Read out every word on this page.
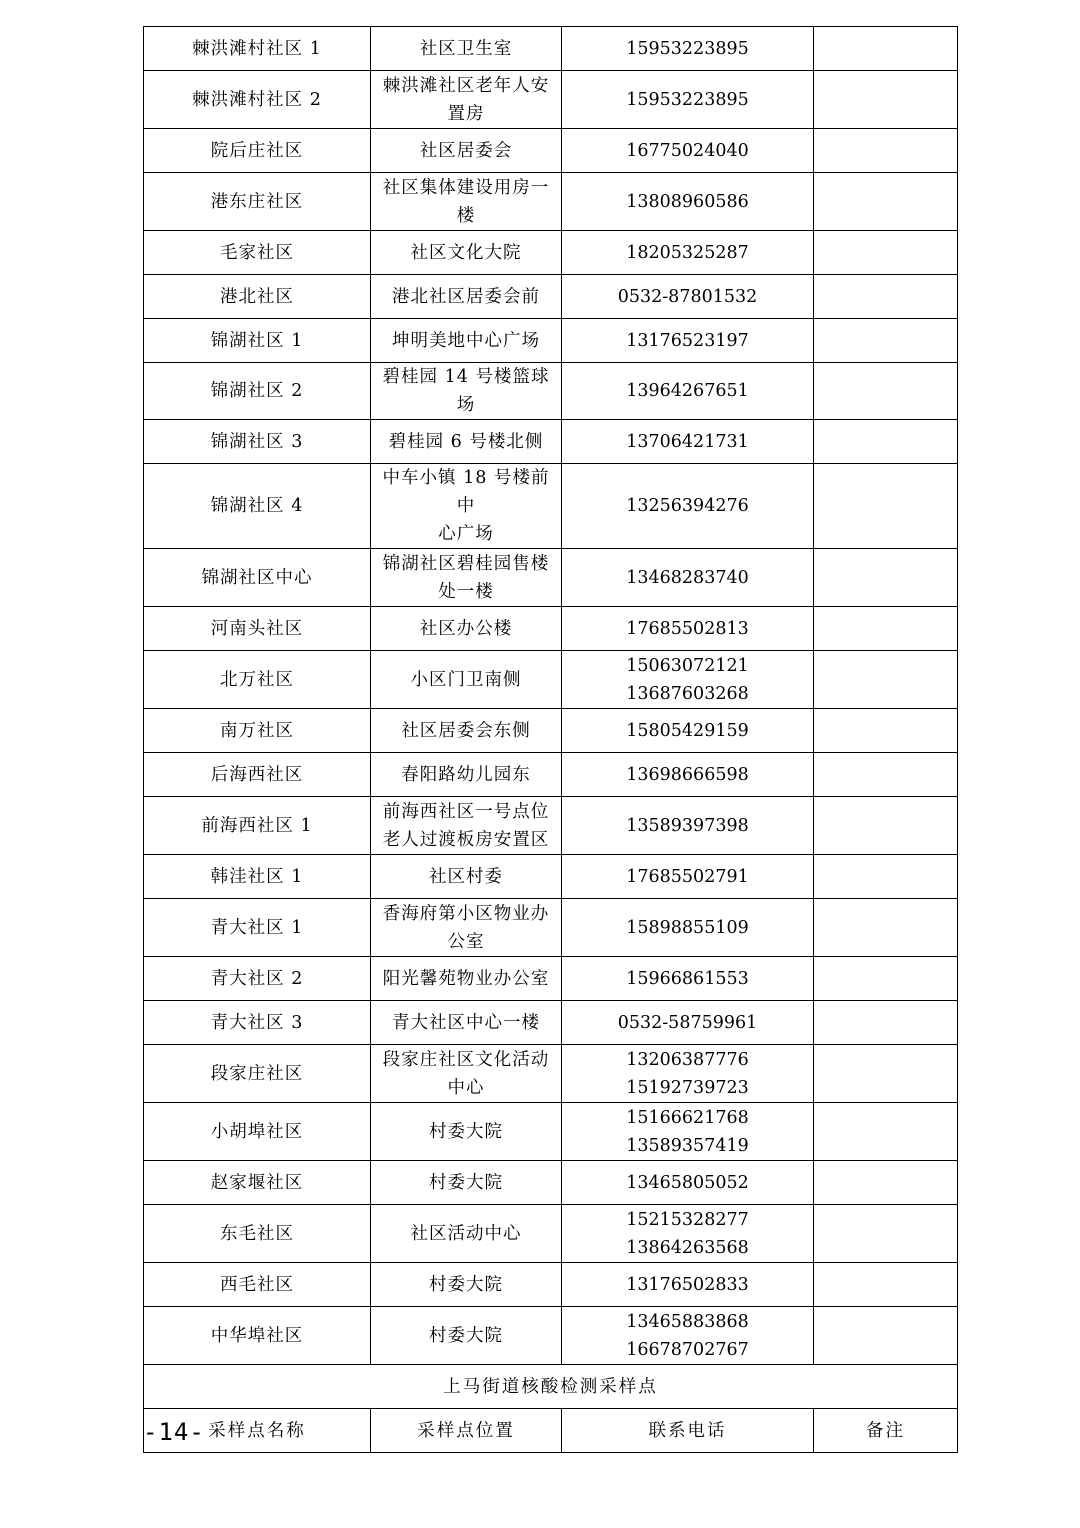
棘洪滩村社区 1	社区卫生室	15953223895	

棘洪滩村社区 2	棘洪滩社区老年人安
置房	15953223895	

院后庄社区	社区居委会	16775024040	

港东庄社区	社区集体建设用房一
楼	13808960586	

毛家社区	社区文化大院	18205325287	

港北社区	港北社区居委会前	0532-87801532	

锦湖社区 1	坤明美地中心广场	13176523197	

锦湖社区 2	碧桂园 14 号楼篮球场	13964267651	

锦湖社区 3	碧桂园 6 号楼北侧	13706421731	

锦湖社区 4	中车小镇 18 号楼前中
心广场	13256394276	

锦湖社区中心	锦湖社区碧桂园售楼
处一楼	13468283740	

河南头社区	社区办公楼	17685502813	

北万社区	小区门卫南侧	15063072121
13687603268	

南万社区	社区居委会东侧	15805429159	

后海西社区	春阳路幼儿园东	13698666598	

前海西社区 1	前海西社区一号点位
老人过渡板房安置区	13589397398	

韩洼社区 1	社区村委	17685502791	

青大社区 1	香海府第小区物业办
公室	15898855109	

青大社区 2	阳光馨苑物业办公室	15966861553	

青大社区 3	青大社区中心一楼	0532-58759961	

段家庄社区	段家庄社区文化活动
中心	13206387776
15192739723	

小胡埠社区	村委大院	15166621768
13589357419	

赵家堰社区	村委大院	13465805052	

东毛社区	社区活动中心	15215328277
13864263568	

西毛社区	村委大院	13176502833	

中华埠社区	村委大院	13465883868
16678702767	

上马街道核酸检测采样点			
采样点名称	采样点位置	联系电话	备注
-14-
